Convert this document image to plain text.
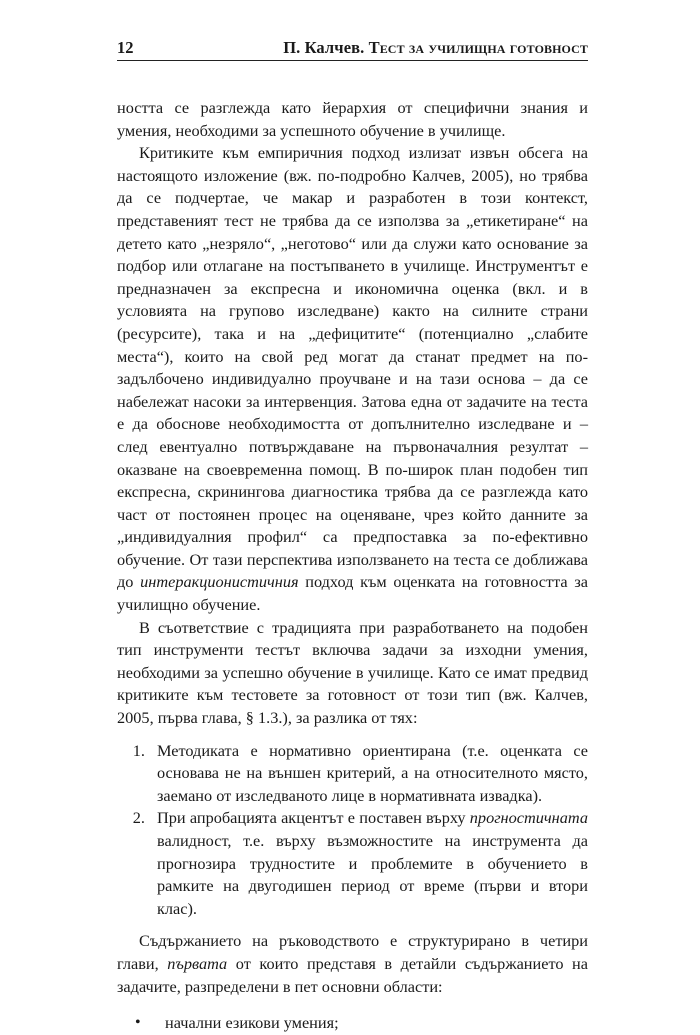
12	П. Калчев. Тест за училищна готовност

ността се разглежда като йерархия от специфични знания и умения, необходими за успешното обучение в училище.

Критиките към емпиричния подход излизат извън обсега на настоящото изложение (вж. по-подробно Калчев, 2005), но трябва да се подчертае, че макар и разработен в този контекст, представеният тест не трябва да се използва за „етикетиране“ на детето като „незряло“, „неготово“ или да служи като основание за подбор или отлагане на постъпването в училище. Инструментът е предназначен за експресна и икономична оценка (вкл. и в условията на групово изследване) както на силните страни (ресурсите), така и на „дефицитите“ (потенциално „слабите места“), които на свой ред могат да станат предмет на по-задълбочено индивидуално проучване и на тази основа – да се набележат насоки за интервенция. Затова една от задачите на теста е да обоснове необходимостта от допълнително изследване и – след евентуално потвърждаване на първоначалния резултат – оказване на своевременна помощ. В по-широк план подобен тип експресна, скринингова диагностика трябва да се разглежда като част от постоянен процес на оценяване, чрез който данните за „индивидуалния профил“ са предпоставка за по-ефективно обучение. От тази перспектива използването на теста се доближава до интеракционистичния подход към оценката на готовността за училищно обучение.

В съответствие с традицията при разработването на подобен тип инструменти тестът включва задачи за изходни умения, необходими за успешно обучение в училище. Като се имат предвид критиките към тестовете за готовност от този тип (вж. Калчев, 2005, първа глава, § 1.3.), за разлика от тях:

1. Методиката е нормативно ориентирана (т.е. оценката се основава не на външен критерий, а на относителното място, заемано от изследваното лице в нормативната извадка).
2. При апробацията акцентът е поставен върху прогностичната валидност, т.е. върху възможностите на инструмента да прогнозира трудностите и проблемите в обучението в рамките на двугодишен период от време (първи и втори клас).

Съдържанието на ръководството е структурирано в четири глави, първата от които представя в детайли съдържанието на задачите, разпределени в пет основни области:

• начални езикови умения;
